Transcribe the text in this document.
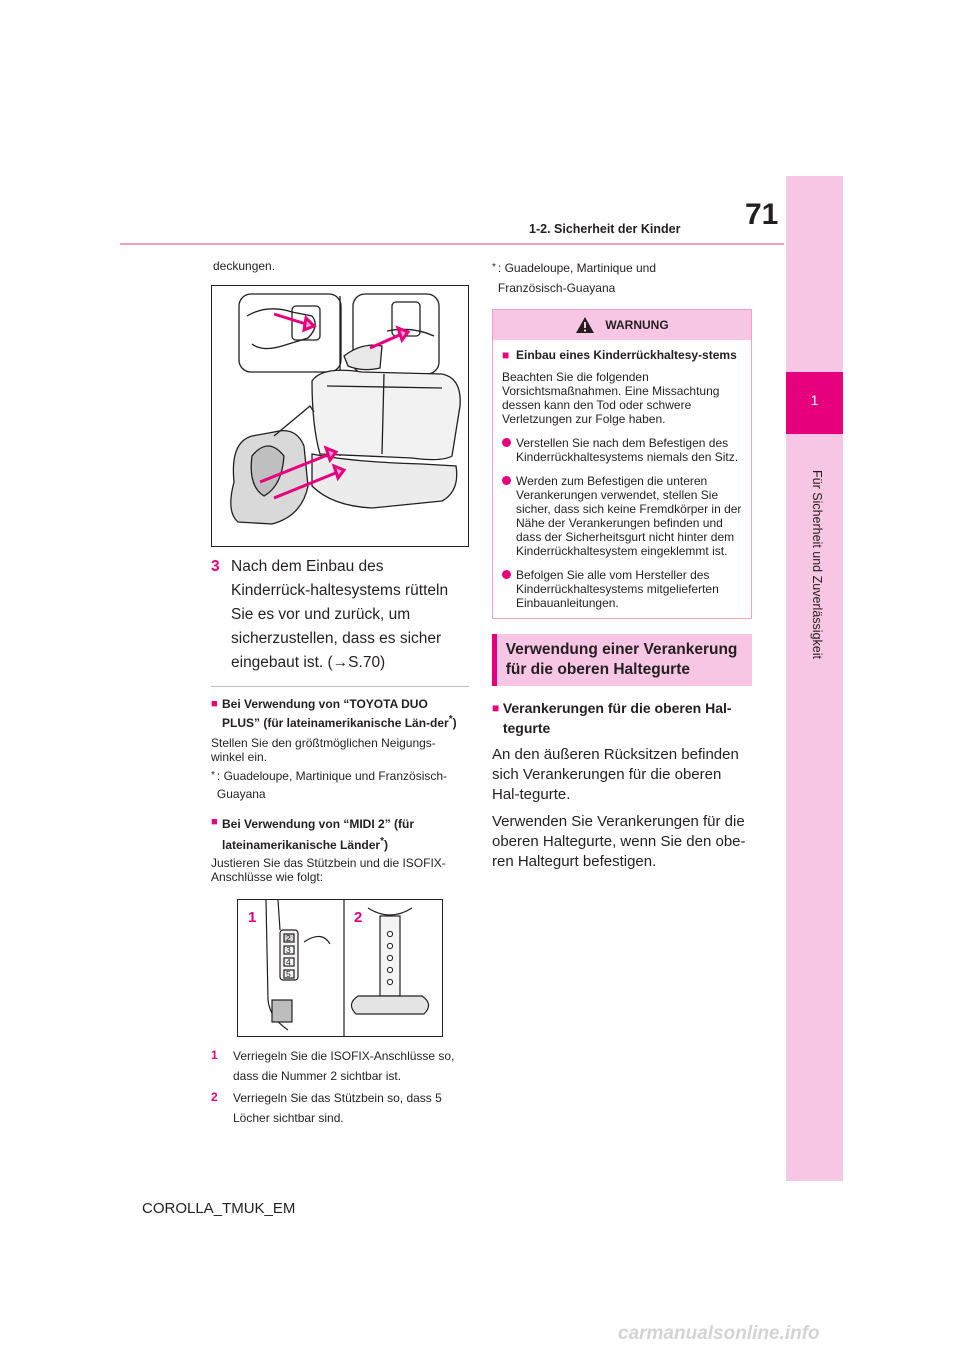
1
Für Sicherheit und Zuverlässigkeit
71
1-2. Sicherheit der Kinder
deckungen.
3 Nach dem Einbau des Kinderrück-haltesystems rütteln Sie es vor und zurück, um sicherzustellen, dass es sicher eingebaut ist. (→S.70)
■ Bei Verwendung von “TOYOTA DUO PLUS” (für lateinamerikanische Län-der*)
Stellen Sie den größtmöglichen Neigungs-winkel ein.
* : Guadeloupe, Martinique und Französisch-Guayana
■ Bei Verwendung von “MIDI 2” (für lateinamerikanische Länder*)
Justieren Sie das Stützbein und die ISOFIX-Anschlüsse wie folgt:
2
3
4
5
1	2
1	Verriegeln Sie die ISOFIX-Anschlüsse so, dass die Nummer 2 sichtbar ist.
2	Verriegeln Sie das Stützbein so, dass 5 Löcher sichtbar sind.
* : Guadeloupe, Martinique und Französisch-Guayana
WARNUNG
■ Einbau eines Kinderrückhaltesy-stems
Beachten Sie die folgenden Vorsichtsmaßnahmen. Eine Missachtung dessen kann den Tod oder schwere Verletzungen zur Folge haben.
Verstellen Sie nach dem Befestigen des Kinderrückhaltesystems niemals den Sitz.
Werden zum Befestigen die unteren Verankerungen verwendet, stellen Sie sicher, dass sich keine Fremdkörper in der Nähe der Verankerungen befinden und dass der Sicherheitsgurt nicht hinter dem Kinderrückhaltesystem eingeklemmt ist.
Befolgen Sie alle vom Hersteller des Kinderrückhaltesystems mitgelieferten Einbauanleitungen.
Verwendung einer Verankerung für die oberen Haltegurte
■ Verankerungen für die oberen Hal-tegurte
An den äußeren Rücksitzen befinden sich Verankerungen für die oberen Hal-tegurte.
Verwenden Sie Verankerungen für die oberen Haltegurte, wenn Sie den obe-ren Haltegurt befestigen.
COROLLA_TMUK_EM
carmanualsonline.info
